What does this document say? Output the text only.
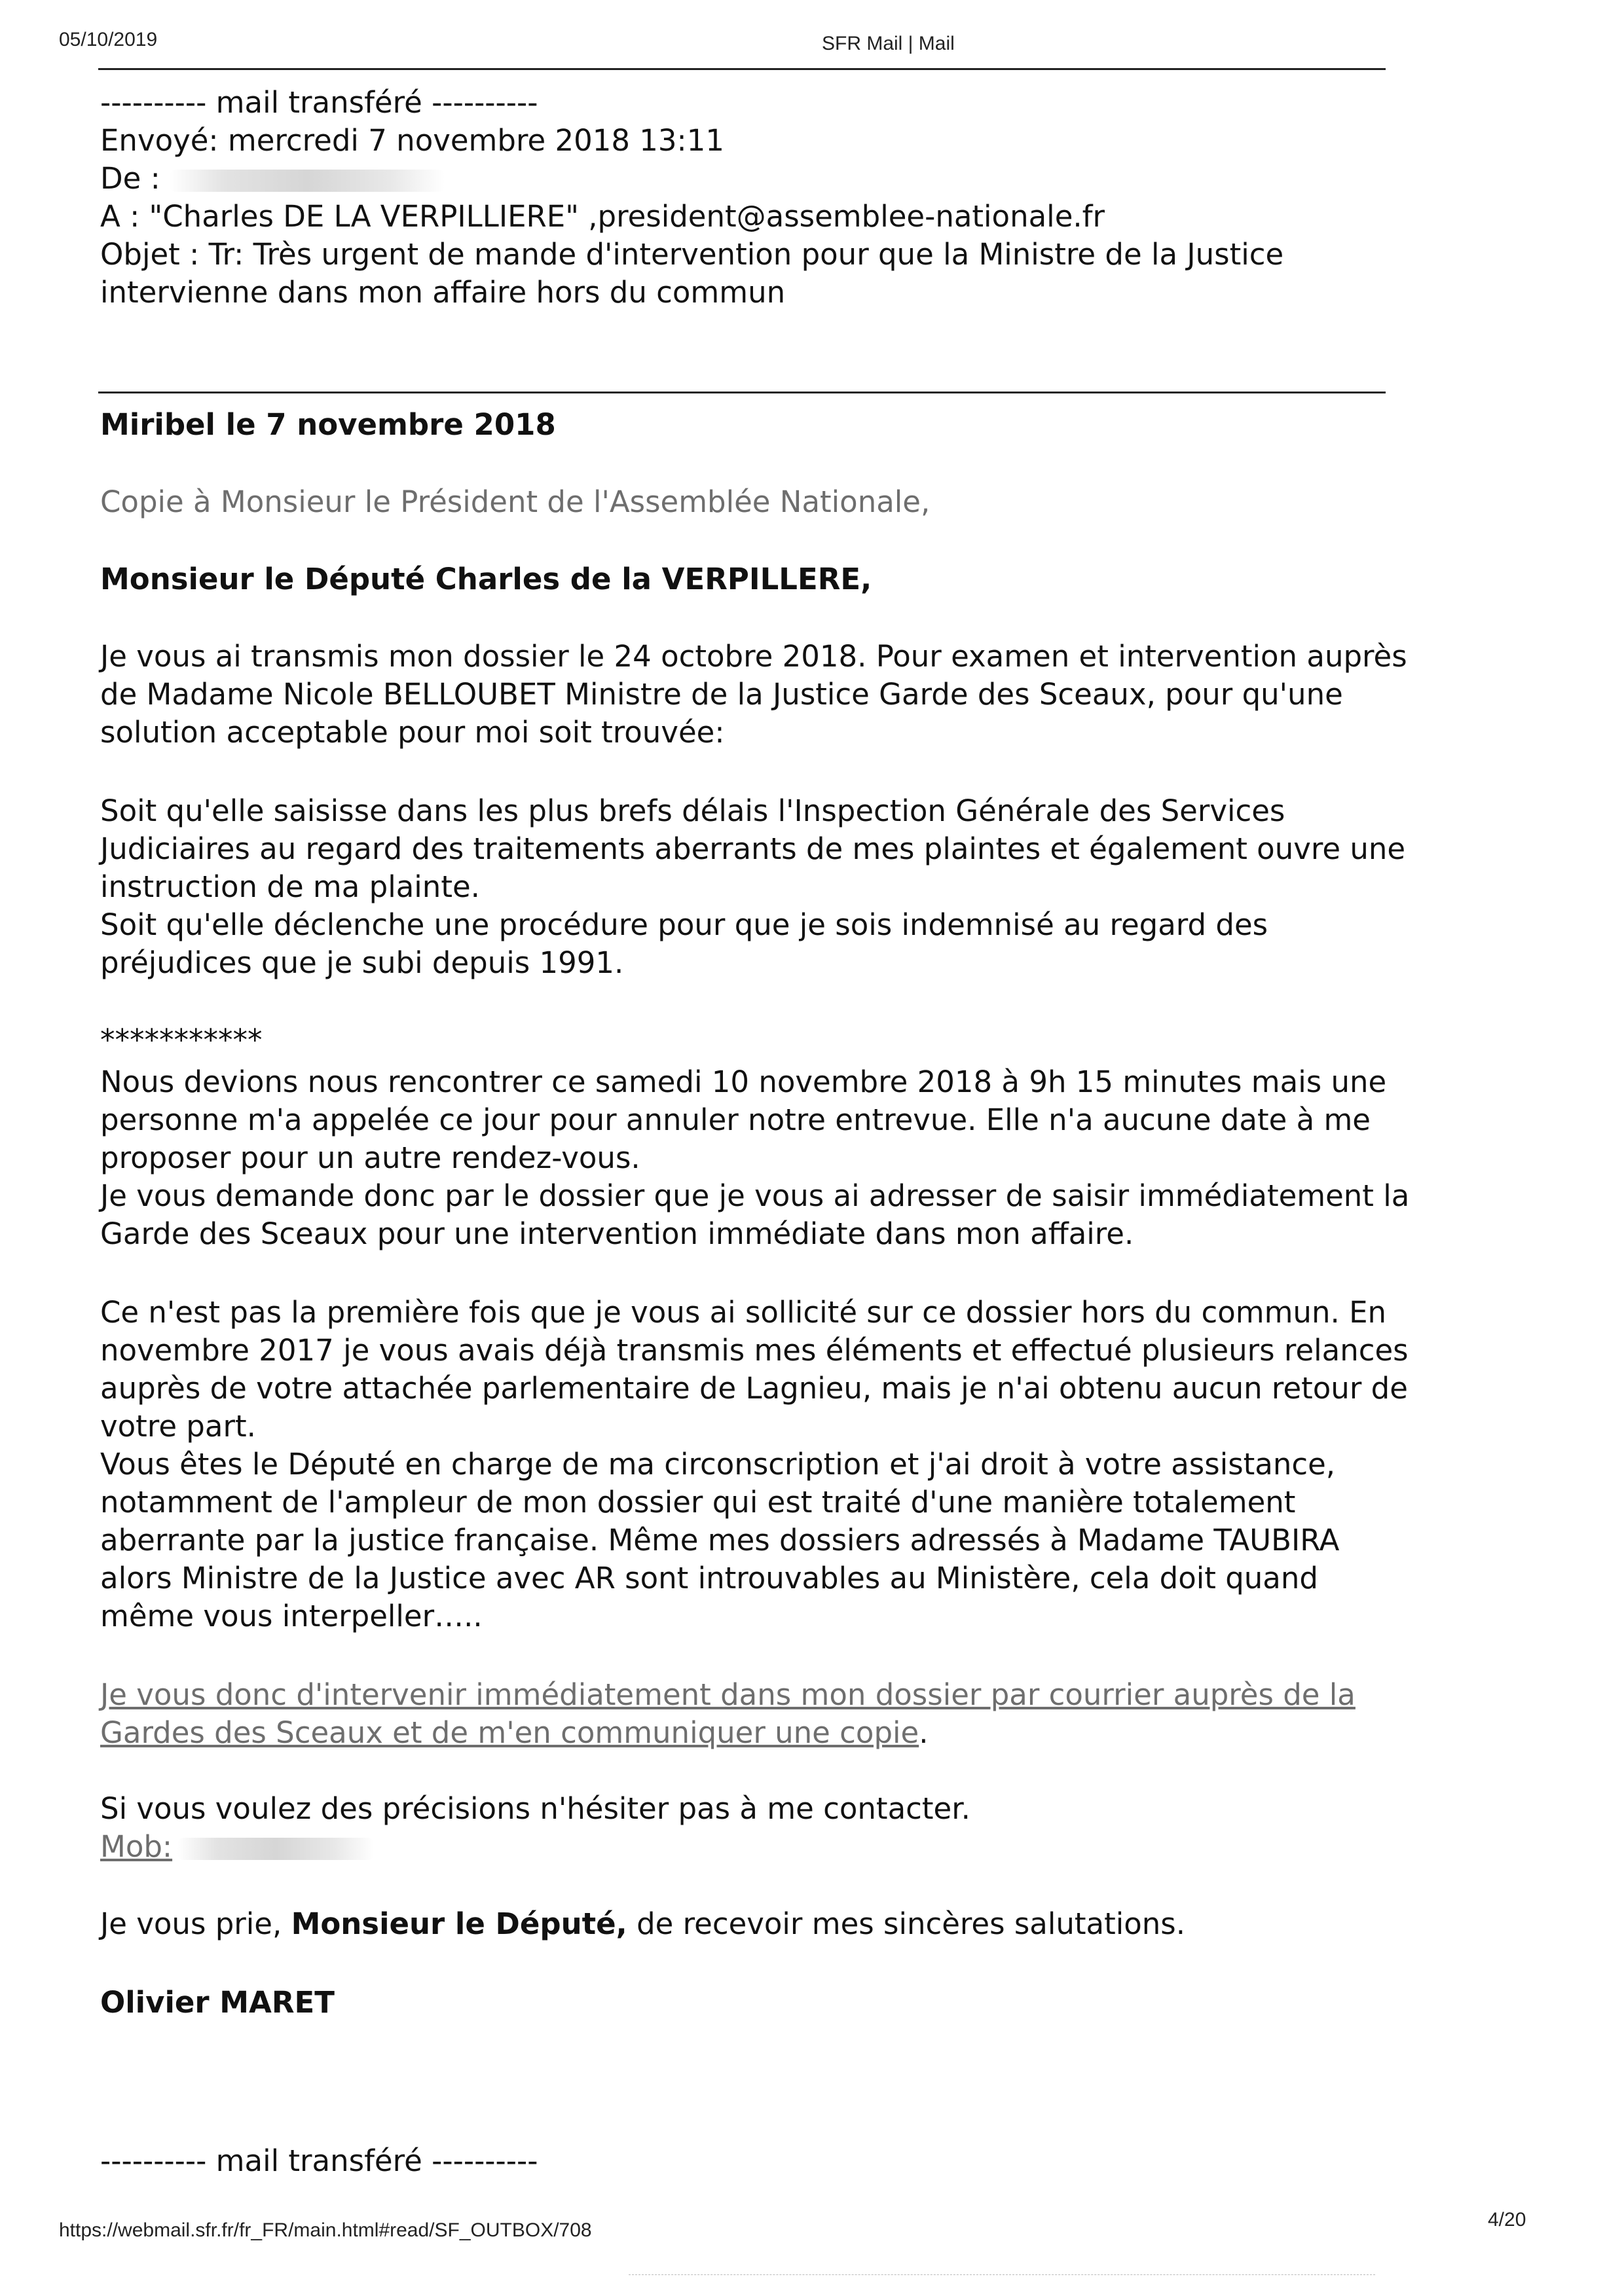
05/10/2019	SFR Mail | Mail
---------- mail transféré ----------
Envoyé: mercredi 7 novembre 2018 13:11
De :
A : "Charles DE LA VERPILLIERE" ,president@assemblee-nationale.fr
Objet : Tr: Très urgent de mande d'intervention pour que la Ministre de la Justice
intervienne dans mon affaire hors du commun
Miribel le 7 novembre 2018
Copie à Monsieur le Président de l'Assemblée Nationale,
Monsieur le Député Charles de la VERPILLERE,

Je vous ai transmis mon dossier le 24 octobre 2018. Pour examen et intervention auprès

de Madame Nicole BELLOUBET Ministre de la Justice Garde des Sceaux, pour qu'une

solution acceptable pour moi soit trouvée:

Soit qu'elle saisisse dans les plus brefs délais l'Inspection Générale des Services

Judiciaires au regard des traitements aberrants de mes plaintes et également ouvre une

instruction de ma plainte.

Soit qu'elle déclenche une procédure pour que je sois indemnisé au regard des

préjudices que je subi depuis 1991.

***********

Nous devions nous rencontrer ce samedi 10 novembre 2018 à 9h 15 minutes mais une

personne m'a appelée ce jour pour annuler notre entrevue. Elle n'a aucune date à me

proposer pour un autre rendez-vous.

Je vous demande donc par le dossier que je vous ai adresser de saisir immédiatement la

Garde des Sceaux pour une intervention immédiate dans mon affaire.

Ce n'est pas la première fois que je vous ai sollicité sur ce dossier hors du commun. En

novembre 2017 je vous avais déjà transmis mes éléments et effectué plusieurs relances

auprès de votre attachée parlementaire de Lagnieu, mais je n'ai obtenu aucun retour de

votre part.

Vous êtes le Député en charge de ma circonscription et j'ai droit à votre assistance,

notamment de l'ampleur de mon dossier qui est traité d'une manière totalement

aberrante par la justice française. Même mes dossiers adressés à Madame TAUBIRA

alors Ministre de la Justice avec AR sont introuvables au Ministère, cela doit quand

même vous interpeller…..

Je vous donc d'intervenir immédiatement dans mon dossier par courrier auprès de la

Gardes des Sceaux et de m'en communiquer une copie.

Si vous voulez des précisions n'hésiter pas à me contacter.
Mob:
Je vous prie, Monsieur le Député, de recevoir mes sincères salutations.
Olivier MARET
---------- mail transféré ----------
https://webmail.sfr.fr/fr_FR/main.html#read/SF_OUTBOX/708	4/20
